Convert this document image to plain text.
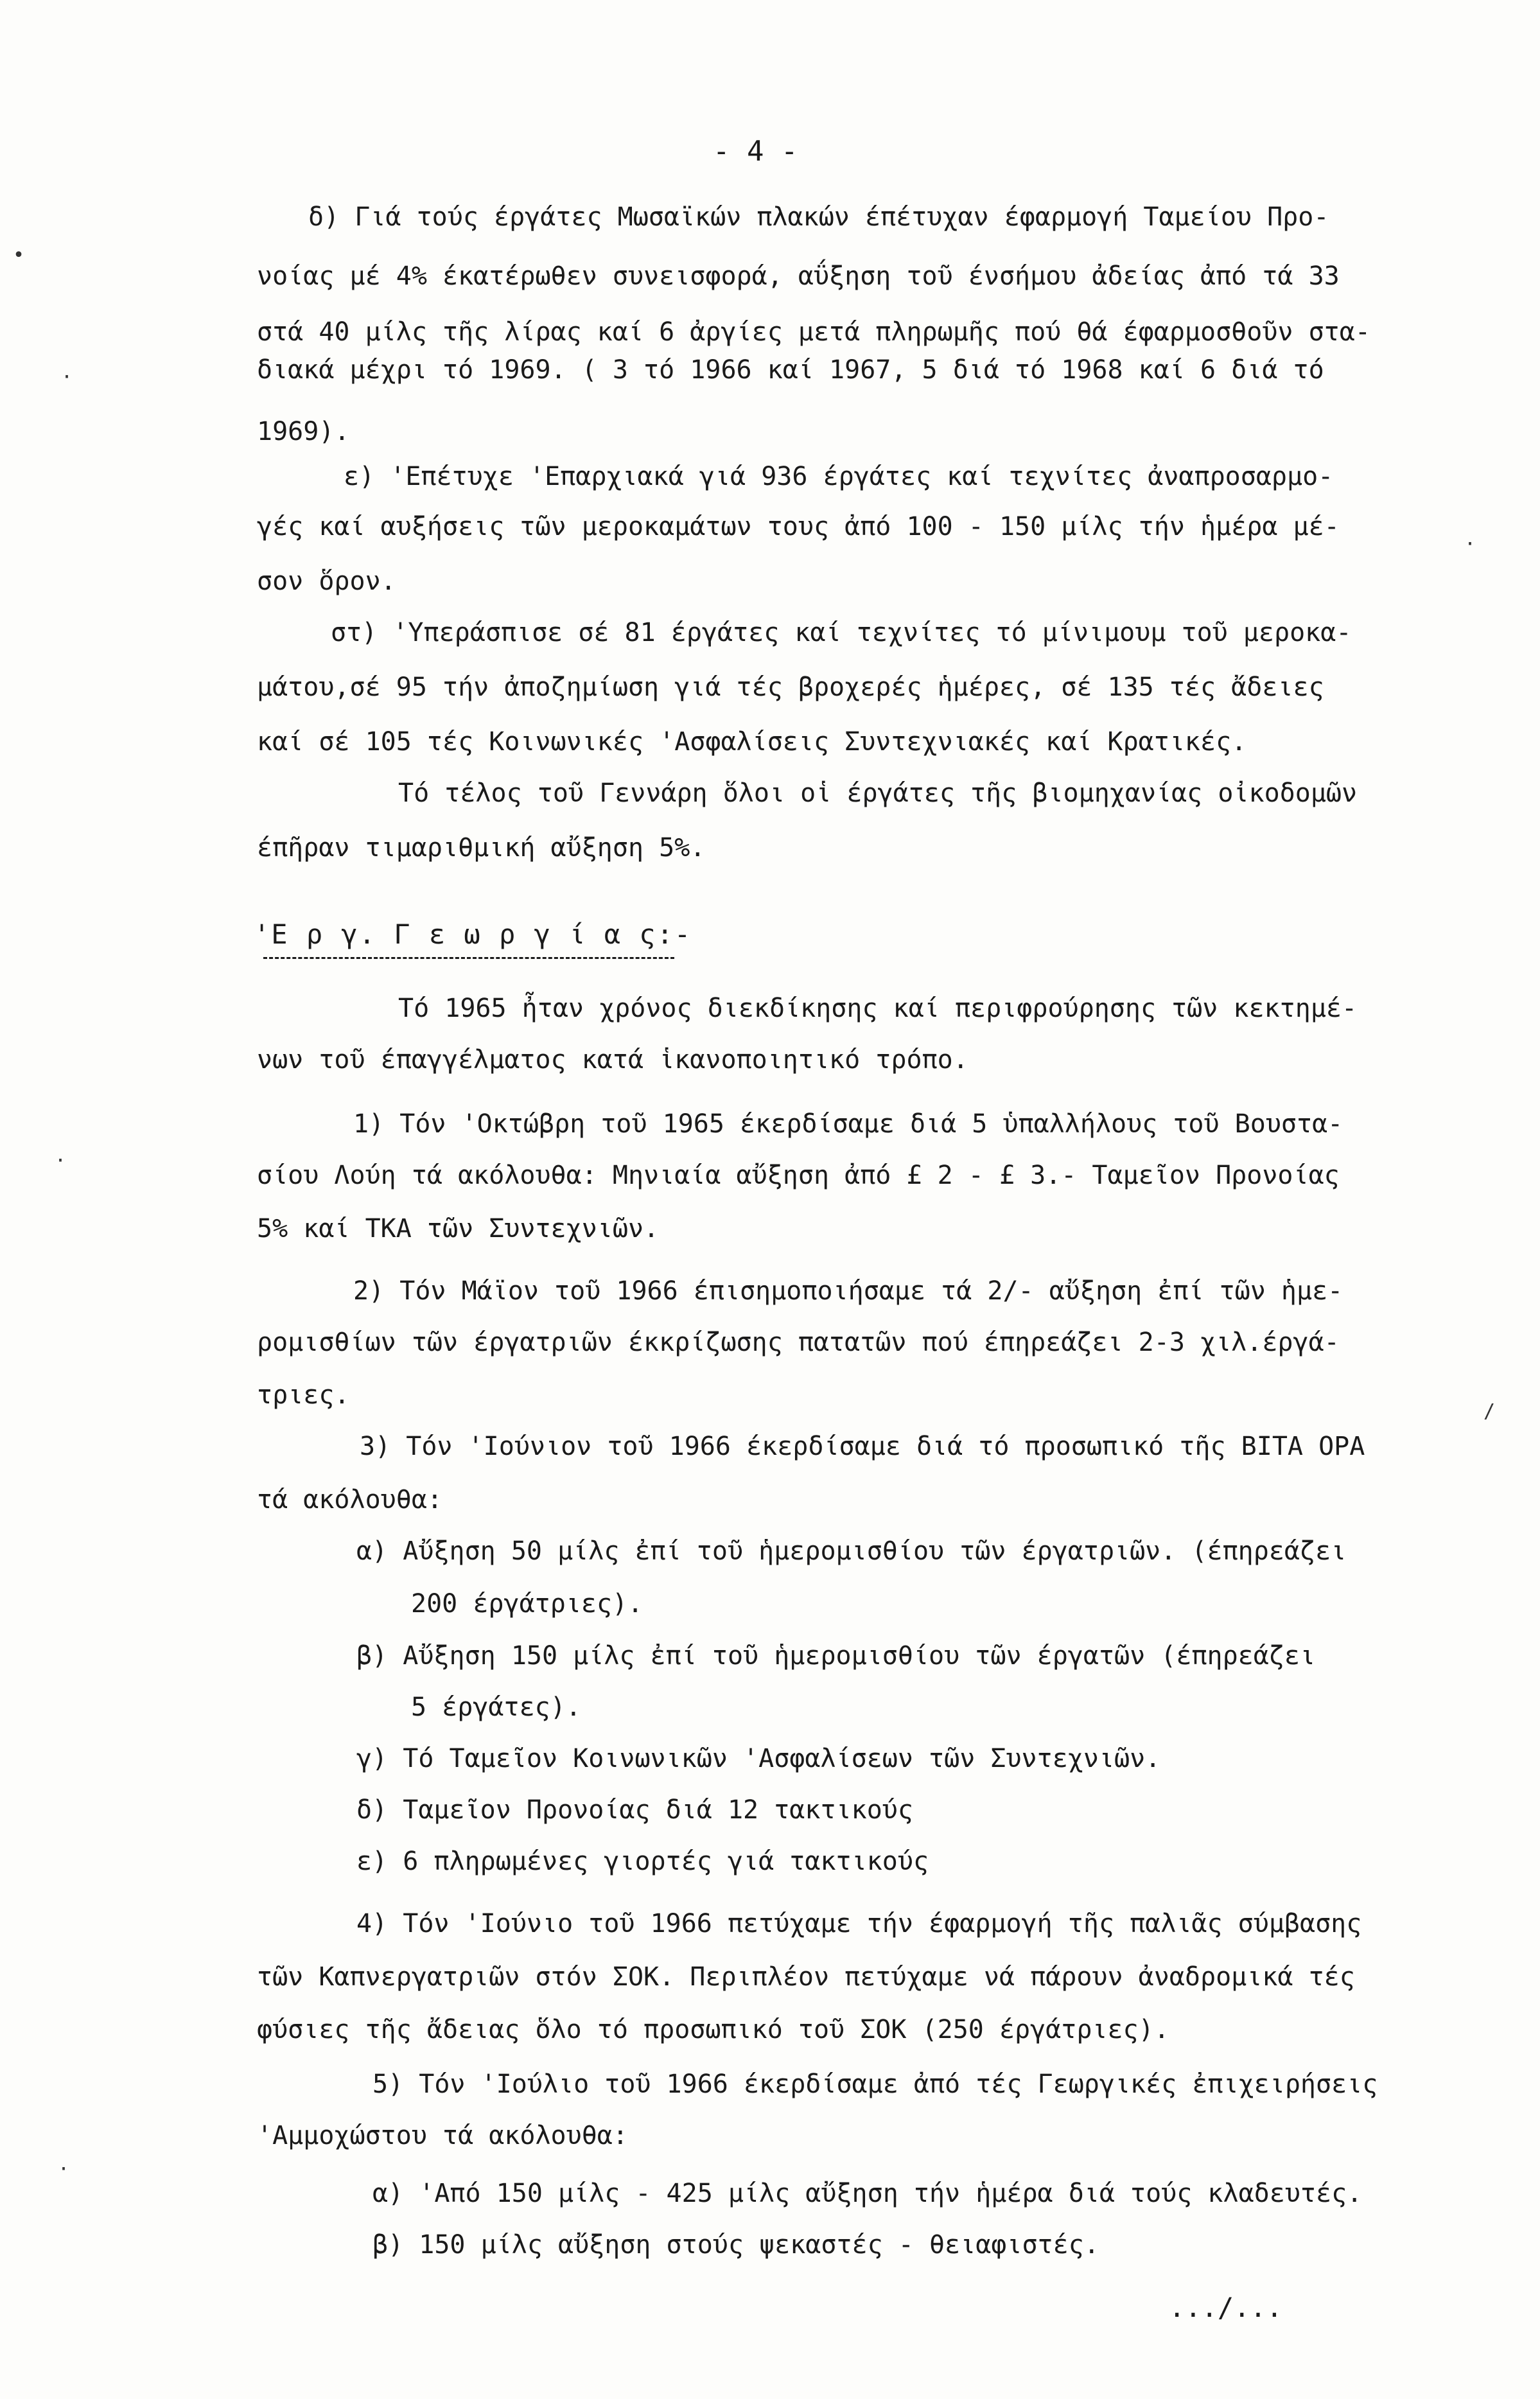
- 4 -
δ) Γιά τούς έργάτες Μωσαϊκών πλακών έπέτυχαν έφαρμογή Ταμείου Προ-
νοίας μέ 4% έκατέρωθεν συνεισφορά, αΰξηση τοῦ ένσήμου ἀδείας ἀπό τά 33
στά 40 μίλς τῆς λίρας καί 6 ἀργίες μετά πληρωμῆς πού θά έφαρμοσθοῦν στα-
διακά μέχρι τό 1969. ( 3 τό 1966 καί 1967, 5 διά τό 1968 καί 6 διά τό
1969).
ε) 'Επέτυχε 'Επαρχιακά γιά 936 έργάτες καί τεχνίτες ἀναπροσαρμο-
γές καί αυξήσεις τῶν μεροκαμάτων τους ἀπό 100 - 150 μίλς τήν ἡμέρα μέ-
σον ὅρον.
στ) 'Υπεράσπισε σέ 81 έργάτες καί τεχνίτες τό μίνιμουμ τοῦ μεροκα-
μάτου,σέ 95 τήν ἀποζημίωση γιά τές βροχερές ἡμέρες, σέ 135 τές ἄδειες
καί σέ 105 τές Κοινωνικές 'Ασφαλίσεις Συντεχνιακές καί Κρατικές.
Τό τέλος τοῦ Γεννάρη ὅλοι οἱ έργάτες τῆς βιομηχανίας οἰκοδομῶν
έπῆραν τιμαριθμική αὔξηση 5%.
'Ε ρ γ. Γ ε ω ρ γ ί α ς:-
Τό 1965 ἦταν χρόνος διεκδίκησης καί περιφρούρησης τῶν κεκτημέ-
νων τοῦ έπαγγέλματος κατά ἱκανοποιητικό τρόπο.
1) Τόν 'Οκτώβρη τοῦ 1965 έκερδίσαμε διά 5 ὑπαλλήλους τοῦ Βουστα-
σίου Λούη τά ακόλουθα: Μηνιαία αὔξηση ἀπό £ 2 - £ 3.- Ταμεῖον Προνοίας
5% καί ΤΚΑ τῶν Συντεχνιῶν.
2) Τόν Μάϊον τοῦ 1966 έπισημοποιήσαμε τά 2/- αὔξηση ἐπί τῶν ἡμε-
ρομισθίων τῶν έργατριῶν έκκρίζωσης πατατῶν πού έπηρεάζει 2-3 χιλ.έργά-
τριες.
3) Τόν 'Ιούνιον τοῦ 1966 έκερδίσαμε διά τό προσωπικό τῆς ΒΙΤΑ ΟΡΑ
τά ακόλουθα:
α) Αὔξηση 50 μίλς ἐπί τοῦ ἡμερομισθίου τῶν έργατριῶν. (έπηρεάζει
200 έργάτριες).
β) Αὔξηση 150 μίλς ἐπί τοῦ ἡμερομισθίου τῶν έργατῶν (έπηρεάζει
5 έργάτες).
γ) Τό Ταμεῖον Κοινωνικῶν 'Ασφαλίσεων τῶν Συντεχνιῶν.
δ) Ταμεῖον Προνοίας διά 12 τακτικούς
ε) 6 πληρωμένες γιορτές γιά τακτικούς
4) Τόν 'Ιούνιο τοῦ 1966 πετύχαμε τήν έφαρμογή τῆς παλιᾶς σύμβασης
τῶν Καπνεργατριῶν στόν ΣΟΚ. Περιπλέον πετύχαμε νά πάρουν ἀναδρομικά τές
φύσιες τῆς ἄδειας ὅλο τό προσωπικό τοῦ ΣΟΚ (250 έργάτριες).
5) Τόν 'Ιούλιο τοῦ 1966 έκερδίσαμε ἀπό τές Γεωργικές ἐπιχειρήσεις
'Αμμοχώστου τά ακόλουθα:
α) 'Από 150 μίλς - 425 μίλς αὔξηση τήν ἡμέρα διά τούς κλαδευτές.
β) 150 μίλς αὔξηση στούς ψεκαστές - θειαφιστές.
.../...
•
·
·
·
·
/
